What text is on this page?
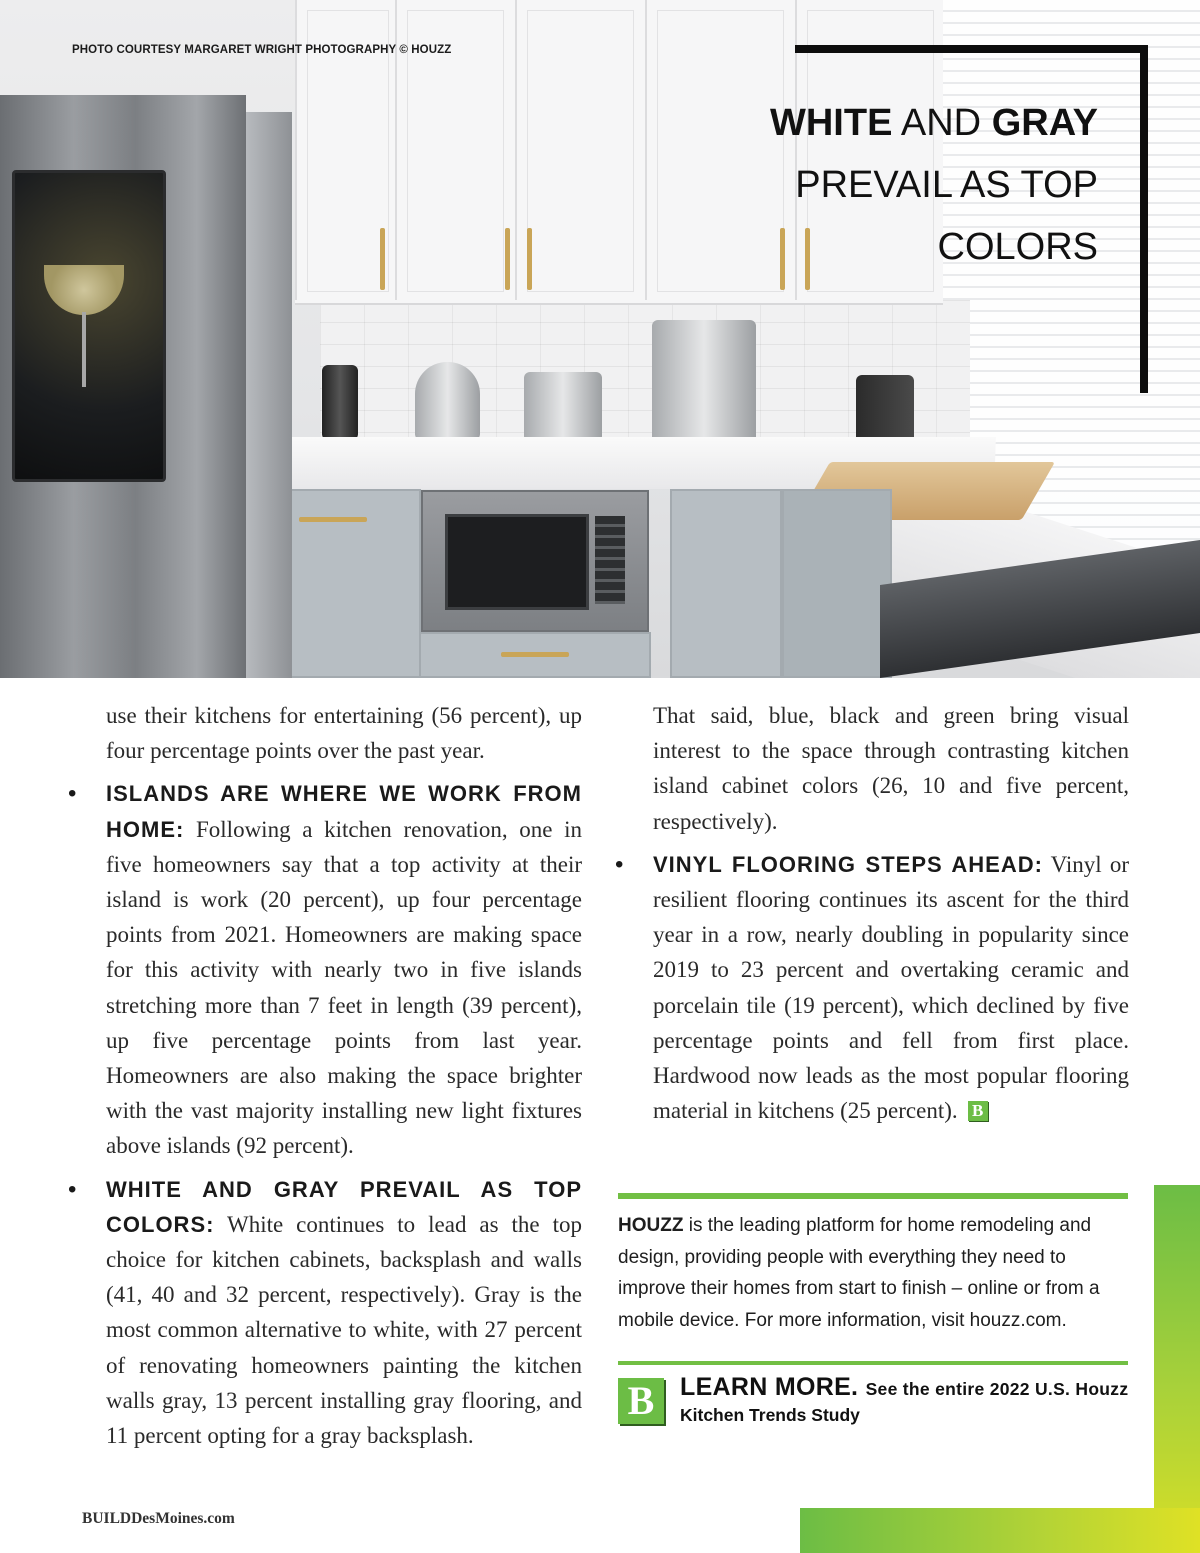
PHOTO COURTESY MARGARET WRIGHT PHOTOGRAPHY © HOUZZ

WHITE AND GRAY
PREVAIL AS TOP
COLORS

use their kitchens for entertaining (56 percent), up four percentage points over the past year.

• ISLANDS ARE WHERE WE WORK FROM HOME: Following a kitchen renovation, one in five homeowners say that a top activity at their island is work (20 percent), up four percentage points from 2021. Homeowners are making space for this activity with nearly two in five islands stretching more than 7 feet in length (39 percent), up five percentage points from last year. Homeowners are also making the space brighter with the vast majority installing new light fixtures above islands (92 percent).

• WHITE AND GRAY PREVAIL AS TOP COLORS: White continues to lead as the top choice for kitchen cabinets, backsplash and walls (41, 40 and 32 percent, respectively). Gray is the most common alternative to white, with 27 percent of renovating homeowners painting the kitchen walls gray, 13 percent installing gray flooring, and 11 percent opting for a gray backsplash.

That said, blue, black and green bring visual interest to the space through contrasting kitchen island cabinet colors (26, 10 and five percent, respectively).

• VINYL FLOORING STEPS AHEAD: Vinyl or resilient flooring continues its ascent for the third year in a row, nearly doubling in popularity since 2019 to 23 percent and overtaking ceramic and porcelain tile (19 percent), which declined by five percentage points and fell from first place. Hardwood now leads as the most popular flooring material in kitchens (25 percent). B

HOUZZ is the leading platform for home remodeling and design, providing people with everything they need to improve their homes from start to finish – online or from a mobile device. For more information, visit houzz.com.

B	LEARN MORE. See the entire 2022 U.S. Houzz

Kitchen Trends Study

BUILDDesMoines.com
